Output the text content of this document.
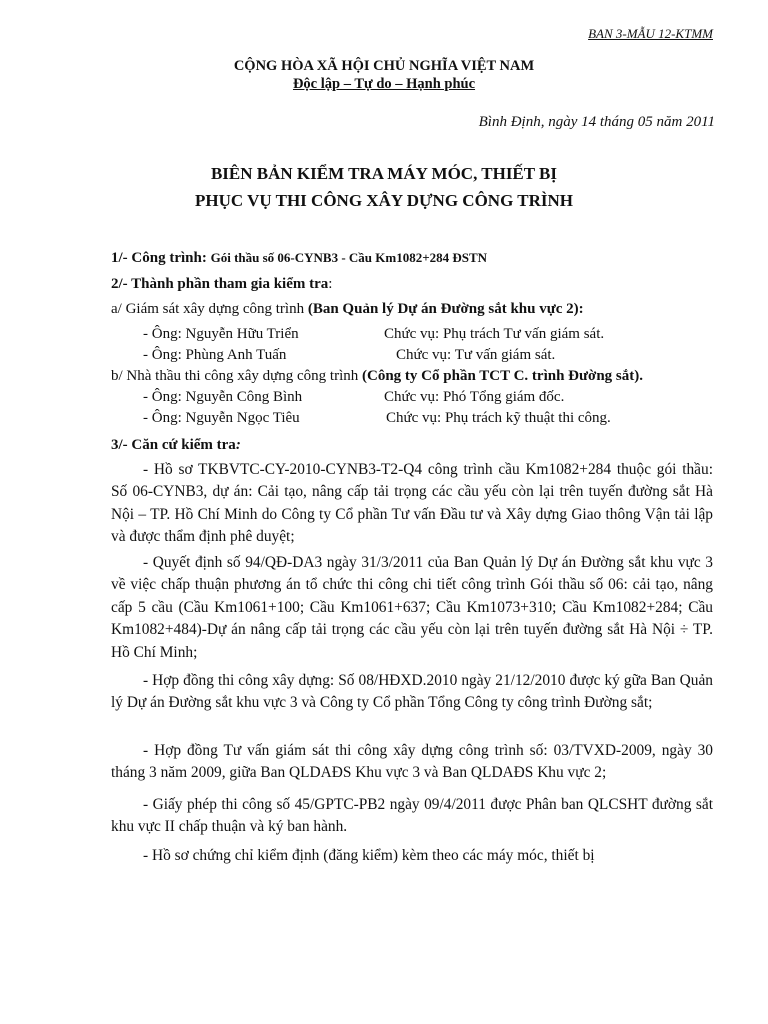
BAN 3-MẪU 12-KTMM
CỘNG HÒA XÃ HỘI CHỦ NGHĨA VIỆT NAM
Độc lập – Tự do – Hạnh phúc
Bình Định, ngày 14 tháng 05 năm 2011
BIÊN BẢN KIỂM TRA MÁY MÓC, THIẾT BỊ
PHỤC VỤ THI CÔNG XÂY DỰNG CÔNG TRÌNH
1/- Công trình: Gói thầu số 06-CYNB3 - Cầu Km1082+284 ĐSTN
2/- Thành phần tham gia kiểm tra:
a/ Giám sát xây dựng công trình (Ban Quản lý Dự án Đường sắt khu vực 2):
- Ông: Nguyễn Hữu Triển	Chức vụ: Phụ trách Tư vấn giám sát.
- Ông: Phùng Anh Tuấn	Chức vụ: Tư vấn giám sát.
b/ Nhà thầu thi công xây dựng công trình (Công ty Cổ phần TCT C. trình Đường sắt).
- Ông: Nguyễn Công Bình	Chức vụ: Phó Tổng giám đốc.
- Ông: Nguyễn Ngọc Tiêu	Chức vụ: Phụ trách kỹ thuật thi công.
3/- Căn cứ kiểm tra:
- Hồ sơ TKBVTC-CY-2010-CYNB3-T2-Q4 công trình cầu Km1082+284 thuộc gói thầu: Số 06-CYNB3, dự án: Cải tạo, nâng cấp tải trọng các cầu yếu còn lại trên tuyến đường sắt Hà Nội – TP. Hồ Chí Minh do Công ty Cổ phần Tư vấn Đầu tư và Xây dựng Giao thông Vận tải lập và được thẩm định phê duyệt;
- Quyết định số 94/QĐ-DA3 ngày 31/3/2011 của Ban Quản lý Dự án Đường sắt khu vực 3 về việc chấp thuận phương án tổ chức thi công chi tiết công trình Gói thầu số 06: cải tạo, nâng cấp 5 cầu (Cầu Km1061+100; Cầu Km1061+637; Cầu Km1073+310; Cầu Km1082+284; Cầu Km1082+484)-Dự án nâng cấp tải trọng các cầu yếu còn lại trên tuyến đường sắt Hà Nội ÷ TP. Hồ Chí Minh;
- Hợp đồng thi công xây dựng: Số 08/HĐXD.2010 ngày 21/12/2010 được ký gữa Ban Quản lý Dự án Đường sắt khu vực 3 và Công ty Cổ phần Tổng Công ty công trình Đường sắt;
- Hợp đồng Tư vấn giám sát thi công xây dựng công trình số: 03/TVXD-2009, ngày 30 tháng 3 năm 2009, giữa Ban QLDAĐS Khu vực 3 và Ban QLDAĐS Khu vực 2;
- Giấy phép thi công số 45/GPTC-PB2 ngày 09/4/2011 được Phân ban QLCSHT đường sắt khu vực II chấp thuận và ký ban hành.
- Hồ sơ chứng chỉ kiểm định (đăng kiểm) kèm theo các máy móc, thiết bị
